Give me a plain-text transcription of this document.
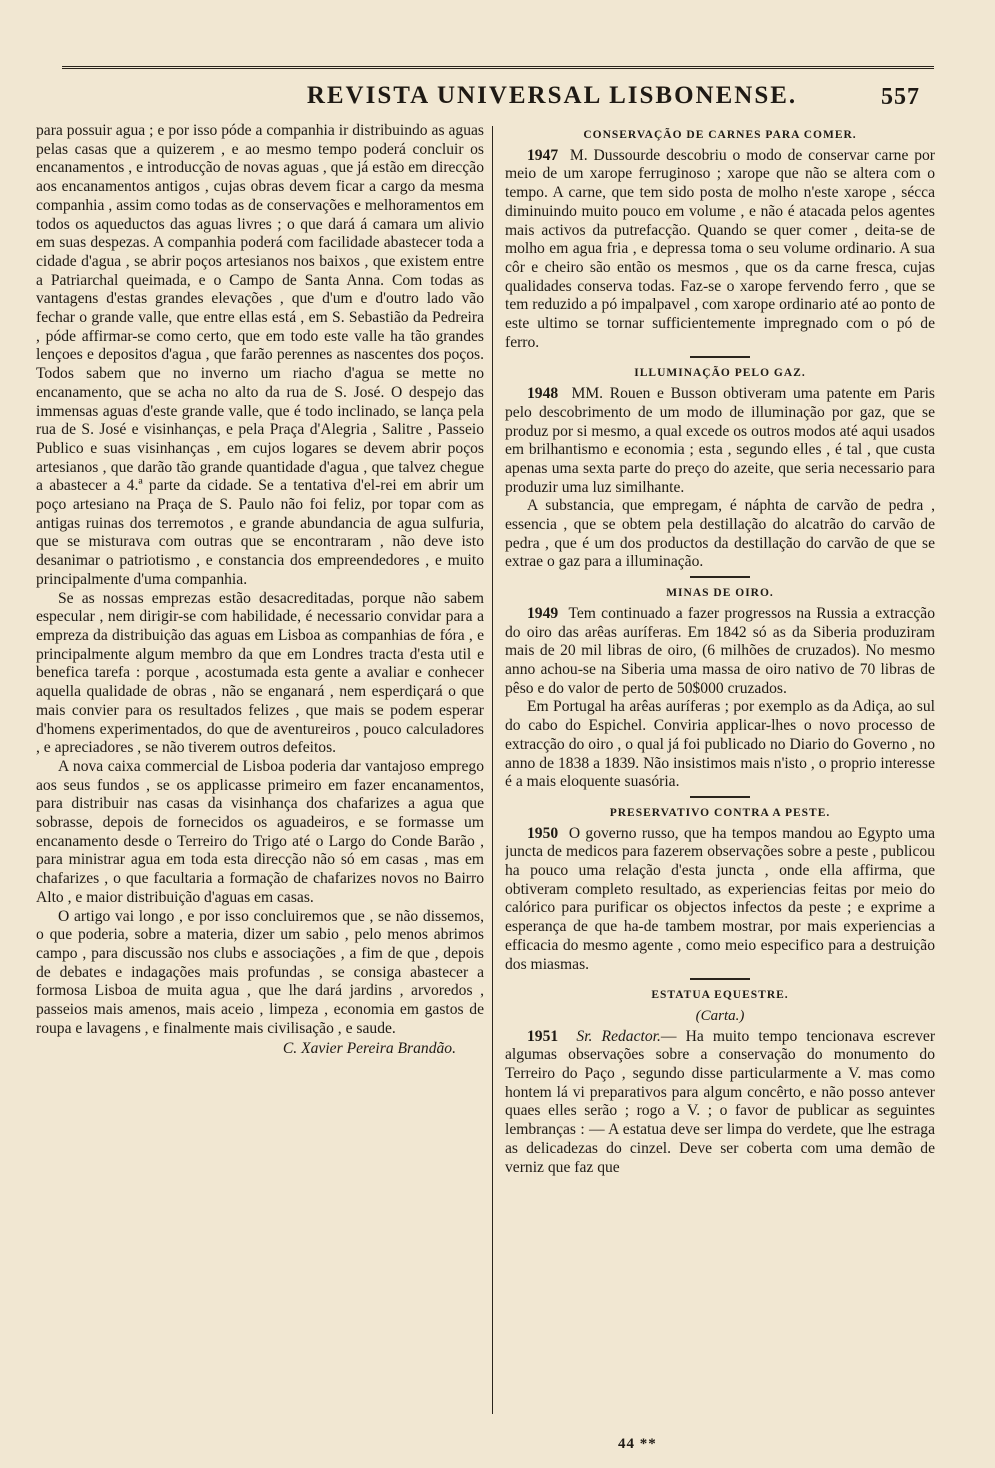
REVISTA UNIVERSAL LISBONENSE.	557

para possuir agua ; e por isso póde a companhia ir distribuindo as aguas pelas casas que a quizerem , e ao mesmo tempo poderá concluir os encanamentos , e introducção de novas aguas , que já estão em direcção aos encanamentos antigos , cujas obras devem ficar a cargo da mesma companhia , assim como todas as de conservações e melhoramentos em todos os aqueductos das aguas livres ; o que dará á camara um alivio em suas despezas. A companhia poderá com facilidade abastecer toda a cidade d'agua , se abrir poços artesianos nos baixos , que existem entre a Patriarchal queimada, e o Campo de Santa Anna. Com todas as vantagens d'estas grandes elevações , que d'um e d'outro lado vão fechar o grande valle, que entre ellas está , em S. Sebastião da Pedreira , póde affirmar-se como certo, que em todo este valle ha tão grandes lençoes e depositos d'agua , que farão perennes as nascentes dos poços. Todos sabem que no inverno um riacho d'agua se mette no encanamento, que se acha no alto da rua de S. José. O despejo das immensas aguas d'este grande valle, que é todo inclinado, se lança pela rua de S. José e visinhanças, e pela Praça d'Alegria , Salitre , Passeio Publico e suas visinhanças , em cujos logares se devem abrir poços artesianos , que darão tão grande quantidade d'agua , que talvez chegue a abastecer a 4.ª parte da cidade. Se a tentativa d'el-rei em abrir um poço artesiano na Praça de S. Paulo não foi feliz, por topar com as antigas ruinas dos terremotos , e grande abundancia de agua sulfuria, que se misturava com outras que se encontraram , não deve isto desanimar o patriotismo , e constancia dos empreendedores , e muito principalmente d'uma companhia.

Se as nossas emprezas estão desacreditadas, porque não sabem especular , nem dirigir-se com habilidade, é necessario convidar para a empreza da distribuição das aguas em Lisboa as companhias de fóra , e principalmente algum membro da que em Londres tracta d'esta util e benefica tarefa : porque , acostumada esta gente a avaliar e conhecer aquella qualidade de obras , não se enganará , nem esperdiçará o que mais convier para os resultados felizes , que mais se podem esperar d'homens experimentados, do que de aventureiros , pouco calculadores , e apreciadores , se não tiverem outros defeitos.

A nova caixa commercial de Lisboa poderia dar vantajoso emprego aos seus fundos , se os applicasse primeiro em fazer encanamentos, para distribuir nas casas da visinhança dos chafarizes a agua que sobrasse, depois de fornecidos os aguadeiros, e se formasse um encanamento desde o Terreiro do Trigo até o Largo do Conde Barão , para ministrar agua em toda esta direcção não só em casas , mas em chafarizes , o que facultaria a formação de chafarizes novos no Bairro Alto , e maior distribuição d'aguas em casas.

O artigo vai longo , e por isso concluiremos que , se não dissemos, o que poderia, sobre a materia, dizer um sabio , pelo menos abrimos campo , para discussão nos clubs e associações , a fim de que , depois de debates e indagações mais profundas , se consiga abastecer a formosa Lisboa de muita agua , que lhe dará jardins , arvoredos , passeios mais amenos, mais aceio , limpeza , economia em gastos de roupa e lavagens , e finalmente mais civilisação , e saude.

C. Xavier Pereira Brandão.

CONSERVAÇÃO DE CARNES PARA COMER.

1947 M. Dussourde descobriu o modo de conservar carne por meio de um xarope ferruginoso ; xarope que não se altera com o tempo. A carne, que tem sido posta de molho n'este xarope , sécca diminuindo muito pouco em volume , e não é atacada pelos agentes mais activos da putrefacção. Quando se quer comer , deita-se de molho em agua fria , e depressa toma o seu volume ordinario. A sua côr e cheiro são então os mesmos , que os da carne fresca, cujas qualidades conserva todas. Faz-se o xarope fervendo ferro , que se tem reduzido a pó impalpavel , com xarope ordinario até ao ponto de este ultimo se tornar sufficientemente impregnado com o pó de ferro.

ILLUMINAÇÃO PELO GAZ.

1948 MM. Rouen e Busson obtiveram uma patente em Paris pelo descobrimento de um modo de illuminação por gaz, que se produz por si mesmo, a qual excede os outros modos até aqui usados em brilhantismo e economia ; esta , segundo elles , é tal , que custa apenas uma sexta parte do preço do azeite, que seria necessario para produzir uma luz similhante.

A substancia, que empregam, é náphta de carvão de pedra , essencia , que se obtem pela destillação do alcatrão do carvão de pedra , que é um dos productos da destillação do carvão de que se extrae o gaz para a illuminação.

MINAS DE OIRO.

1949 Tem continuado a fazer progressos na Russia a extracção do oiro das arêas auríferas. Em 1842 só as da Siberia produziram mais de 20 mil libras de oiro, (6 milhões de cruzados). No mesmo anno achou-se na Siberia uma massa de oiro nativo de 70 libras de pêso e do valor de perto de 50$000 cruzados.

Em Portugal ha arêas auríferas ; por exemplo as da Adiça, ao sul do cabo do Espichel. Conviria applicar-lhes o novo processo de extracção do oiro , o qual já foi publicado no Diario do Governo , no anno de 1838 a 1839. Não insistimos mais n'isto , o proprio interesse é a mais eloquente suasória.

PRESERVATIVO CONTRA A PESTE.

1950 O governo russo, que ha tempos mandou ao Egypto uma juncta de medicos para fazerem observações sobre a peste , publicou ha pouco uma relação d'esta juncta , onde ella affirma, que obtiveram completo resultado, as experiencias feitas por meio do calórico para purificar os objectos infectos da peste ; e exprime a esperança de que ha-de tambem mostrar, por mais experiencias a efficacia do mesmo agente , como meio especifico para a destruição dos miasmas.

ESTATUA EQUESTRE.
(Carta.)

1951 Sr. Redactor.— Ha muito tempo tencionava escrever algumas observações sobre a conservação do monumento do Terreiro do Paço , segundo disse particularmente a V. mas como hontem lá vi preparativos para algum concêrto, e não posso antever quaes elles serão ; rogo a V. ; o favor de publicar as seguintes lembranças : — A estatua deve ser limpa do verdete, que lhe estraga as delicadezas do cinzel. Deve ser coberta com uma demão de verniz que faz que

44 **
